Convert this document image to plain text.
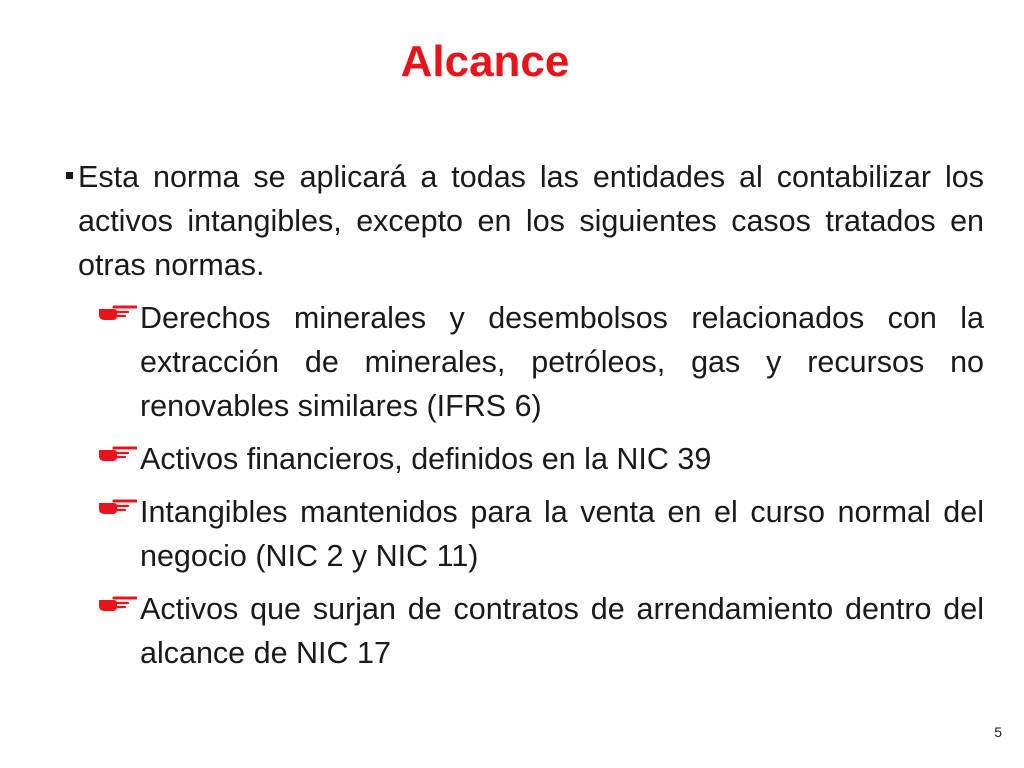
Alcance
Esta norma se aplicará a todas las entidades al contabilizar los activos intangibles, excepto en los siguientes casos tratados en otras normas.
Derechos minerales y desembolsos relacionados con la extracción de minerales, petróleos, gas y recursos no renovables similares (IFRS 6)
Activos financieros, definidos en la NIC 39
Intangibles mantenidos para la venta en el curso normal del negocio (NIC 2 y NIC 11)
Activos que surjan de contratos de arrendamiento dentro del alcance de NIC 17
5
